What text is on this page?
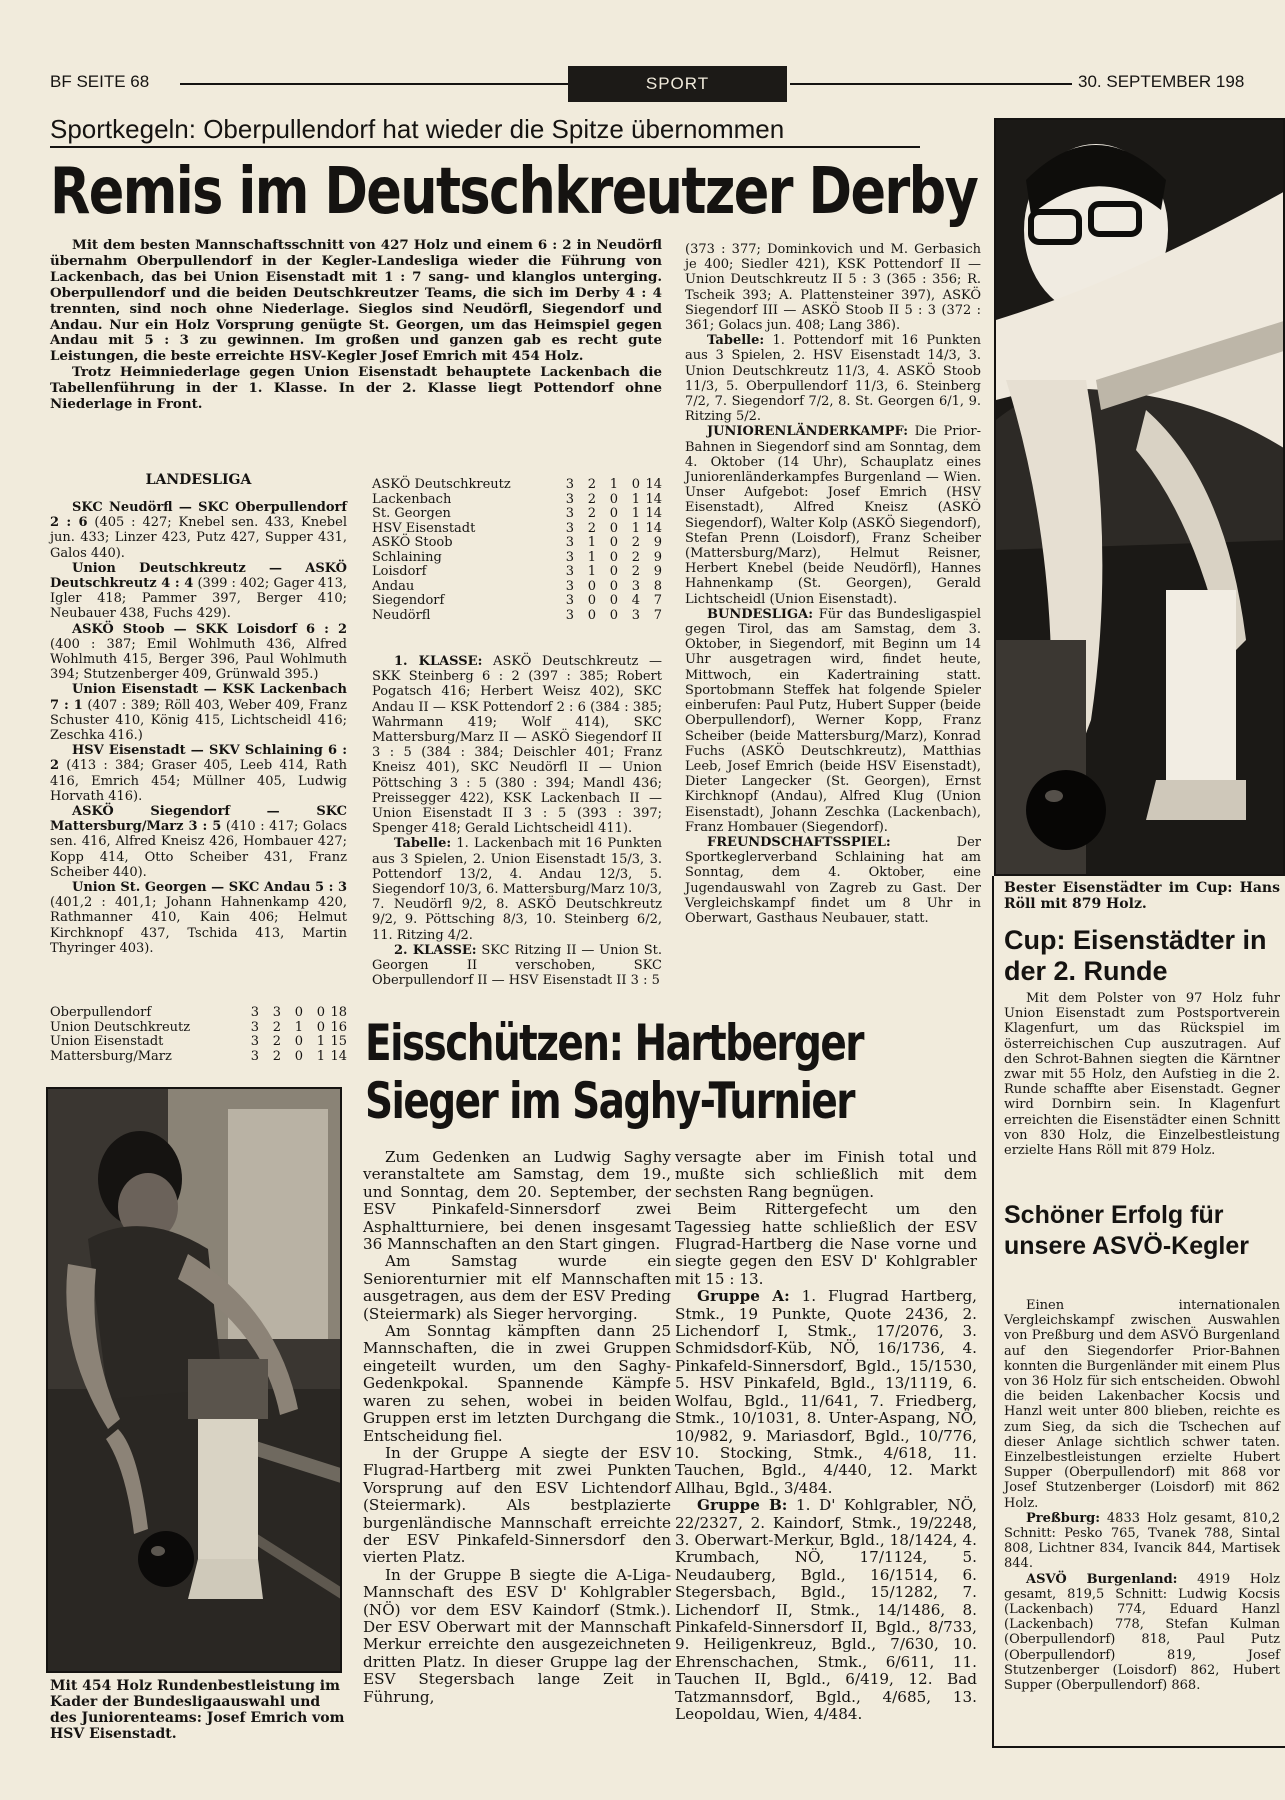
BF SEITE 68	SPORT	30. SEPTEMBER 198
Sportkegeln: Oberpullendorf hat wieder die Spitze übernommen
Remis im Deutschkreutzer Derby

Mit dem besten Mannschaftsschnitt von 427 Holz und einem 6 : 2 in Neudörfl übernahm Oberpullendorf in der Kegler-Landesliga wieder die Führung von Lackenbach, das bei Union Eisenstadt mit 1 : 7 sang- und klanglos unterging. Oberpullendorf und die beiden Deutschkreutzer Teams, die sich im Derby 4 : 4 trennten, sind noch ohne Niederlage. Sieglos sind Neudörfl, Siegendorf und Andau. Nur ein Holz Vorsprung genügte St. Georgen, um das Heimspiel gegen Andau mit 5 : 3 zu gewinnen. Im großen und ganzen gab es recht gute Leistungen, die beste erreichte HSV-Kegler Josef Emrich mit 454 Holz.

Trotz Heimniederlage gegen Union Eisenstadt behauptete Lackenbach die Tabellenführung in der 1. Klasse. In der 2. Klasse liegt Pottendorf ohne Niederlage in Front.

LANDESLIGA

SKC Neudörfl — SKC Oberpullendorf 2 : 6 (405 : 427; Knebel sen. 433, Knebel jun. 433; Linzer 423, Putz 427, Supper 431, Galos 440).

Union Deutschkreutz — ASKÖ Deutschkreutz 4 : 4 (399 : 402; Gager 413, Igler 418; Pammer 397, Berger 410; Neubauer 438, Fuchs 429).

ASKÖ Stoob — SKK Loisdorf 6 : 2 (400 : 387; Emil Wohlmuth 436, Alfred Wohlmuth 415, Berger 396, Paul Wohlmuth 394; Stutzenberger 409, Grünwald 395.)

Union Eisenstadt — KSK Lackenbach 7 : 1 (407 : 389; Röll 403, Weber 409, Franz Schuster 410, König 415, Lichtscheidl 416; Zeschka 416.)

HSV Eisenstadt — SKV Schlaining 6 : 2 (413 : 384; Graser 405, Leeb 414, Rath 416, Emrich 454; Müllner 405, Ludwig Horvath 416).

ASKÖ Siegendorf — SKC Mattersburg/Marz 3 : 5 (410 : 417; Golacs sen. 416, Alfred Kneisz 426, Hombauer 427; Kopp 414, Otto Scheiber 431, Franz Scheiber 440).

Union St. Georgen — SKC Andau 5 : 3 (401,2 : 401,1; Johann Hahnenkamp 420, Rathmanner 410, Kain 406; Helmut Kirchknopf 437, Tschida 413, Martin Thyringer 403).

Oberpullendorf	3	3	0	0	18
Union Deutschkreutz	3	2	1	0	16
Union Eisenstadt	3	2	0	1	15
Mattersburg/Marz	3	2	0	1	14
Mit 454 Holz Rundenbestleistung im Kader der Bundesligaauswahl und des Juniorenteams: Josef Emrich vom HSV Eisenstadt.
ASKÖ Deutschkreutz	3	2	1	0	14
Lackenbach	3	2	0	1	14
St. Georgen	3	2	0	1	14
HSV Eisenstadt	3	2	0	1	14
ASKÖ Stoob	3	1	0	2	9
Schlaining	3	1	0	2	9
Loisdorf	3	1	0	2	9
Andau	3	0	0	3	8
Siegendorf	3	0	0	4	7
Neudörfl	3	0	0	3	7

1. KLASSE: ASKÖ Deutschkreutz — SKK Steinberg 6 : 2 (397 : 385; Robert Pogatsch 416; Herbert Weisz 402), SKC Andau II — KSK Pottendorf 2 : 6 (384 : 385; Wahrmann 419; Wolf 414), SKC Mattersburg/Marz II — ASKÖ Siegendorf II 3 : 5 (384 : 384; Deischler 401; Franz Kneisz 401), SKC Neudörfl II — Union Pöttsching 3 : 5 (380 : 394; Mandl 436; Preissegger 422), KSK Lackenbach II — Union Eisenstadt II 3 : 5 (393 : 397; Spenger 418; Gerald Lichtscheidl 411).

Tabelle: 1. Lackenbach mit 16 Punkten aus 3 Spielen, 2. Union Eisenstadt 15/3, 3. Pottendorf 13/2, 4. Andau 12/3, 5. Siegendorf 10/3, 6. Mattersburg/Marz 10/3, 7. Neudörfl 9/2, 8. ASKÖ Deutschkreutz 9/2, 9. Pöttsching 8/3, 10. Steinberg 6/2, 11. Ritzing 4/2.

2. KLASSE: SKC Ritzing II — Union St. Georgen II verschoben, SKC Oberpullendorf II — HSV Eisenstadt II 3 : 5

(373 : 377; Dominkovich und M. Gerbasich je 400; Siedler 421), KSK Pottendorf II — Union Deutschkreutz II 5 : 3 (365 : 356; R. Tscheik 393; A. Plattensteiner 397), ASKÖ Siegendorf III — ASKÖ Stoob II 5 : 3 (372 : 361; Golacs jun. 408; Lang 386).

Tabelle: 1. Pottendorf mit 16 Punkten aus 3 Spielen, 2. HSV Eisenstadt 14/3, 3. Union Deutschkreutz 11/3, 4. ASKÖ Stoob 11/3, 5. Oberpullendorf 11/3, 6. Steinberg 7/2, 7. Siegendorf 7/2, 8. St. Georgen 6/1, 9. Ritzing 5/2.

JUNIORENLÄNDERKAMPF: Die Prior-Bahnen in Siegendorf sind am Sonntag, dem 4. Oktober (14 Uhr), Schauplatz eines Juniorenländerkampfes Burgenland — Wien. Unser Aufgebot: Josef Emrich (HSV Eisenstadt), Alfred Kneisz (ASKÖ Siegendorf), Walter Kolp (ASKÖ Siegendorf), Stefan Prenn (Loisdorf), Franz Scheiber (Mattersburg/Marz), Helmut Reisner, Herbert Knebel (beide Neudörfl), Hannes Hahnenkamp (St. Georgen), Gerald Lichtscheidl (Union Eisenstadt).

BUNDESLIGA: Für das Bundesligaspiel gegen Tirol, das am Samstag, dem 3. Oktober, in Siegendorf, mit Beginn um 14 Uhr ausgetragen wird, findet heute, Mittwoch, ein Kadertraining statt. Sportobmann Steffek hat folgende Spieler einberufen: Paul Putz, Hubert Supper (beide Oberpullendorf), Werner Kopp, Franz Scheiber (beide Mattersburg/Marz), Konrad Fuchs (ASKÖ Deutschkreutz), Matthias Leeb, Josef Emrich (beide HSV Eisenstadt), Dieter Langecker (St. Georgen), Ernst Kirchknopf (Andau), Alfred Klug (Union Eisenstadt), Johann Zeschka (Lackenbach), Franz Hombauer (Siegendorf).

FREUNDSCHAFTSSPIEL: Der Sportkeglerverband Schlaining hat am Sonntag, dem 4. Oktober, eine Jugendauswahl von Zagreb zu Gast. Der Vergleichskampf findet um 8 Uhr in Oberwart, Gasthaus Neubauer, statt.

Eisschützen: Hartberger
Sieger im Saghy-Turnier

Zum Gedenken an Ludwig Saghy veranstaltete am Samstag, dem 19., und Sonntag, dem 20. September, der ESV Pinkafeld-Sinnersdorf zwei Asphaltturniere, bei denen insgesamt 36 Mannschaften an den Start gingen.

Am Samstag wurde ein Seniorenturnier mit elf Mannschaften ausgetragen, aus dem der ESV Preding (Steiermark) als Sieger hervorging.

Am Sonntag kämpften dann 25 Mannschaften, die in zwei Gruppen eingeteilt wurden, um den Saghy-Gedenkpokal. Spannende Kämpfe waren zu sehen, wobei in beiden Gruppen erst im letzten Durchgang die Entscheidung fiel.

In der Gruppe A siegte der ESV Flugrad-Hartberg mit zwei Punkten Vorsprung auf den ESV Lichtendorf (Steiermark). Als bestplazierte burgenländische Mannschaft erreichte der ESV Pinkafeld-Sinnersdorf den vierten Platz.

In der Gruppe B siegte die A-Liga-Mannschaft des ESV D' Kohlgrabler (NÖ) vor dem ESV Kaindorf (Stmk.). Der ESV Oberwart mit der Mannschaft Merkur erreichte den ausgezeichneten dritten Platz. In dieser Gruppe lag der ESV Stegersbach lange Zeit in Führung,

versagte aber im Finish total und mußte sich schließlich mit dem sechsten Rang begnügen.

Beim Rittergefecht um den Tagessieg hatte schließlich der ESV Flugrad-Hartberg die Nase vorne und siegte gegen den ESV D' Kohlgrabler mit 15 : 13.

Gruppe A: 1. Flugrad Hartberg, Stmk., 19 Punkte, Quote 2436, 2. Lichendorf I, Stmk., 17/2076, 3. Schmidsdorf-Küb, NÖ, 16/1736, 4. Pinkafeld-Sinnersdorf, Bgld., 15/1530, 5. HSV Pinkafeld, Bgld., 13/1119, 6. Wolfau, Bgld., 11/641, 7. Friedberg, Stmk., 10/1031, 8. Unter-Aspang, NÖ, 10/982, 9. Mariasdorf, Bgld., 10/776, 10. Stocking, Stmk., 4/618, 11. Tauchen, Bgld., 4/440, 12. Markt Allhau, Bgld., 3/484.

Gruppe B: 1. D' Kohlgrabler, NÖ, 22/2327, 2. Kaindorf, Stmk., 19/2248, 3. Oberwart-Merkur, Bgld., 18/1424, 4. Krumbach, NÖ, 17/1124, 5. Neudauberg, Bgld., 16/1514, 6. Stegersbach, Bgld., 15/1282, 7. Lichendorf II, Stmk., 14/1486, 8. Pinkafeld-Sinnersdorf II, Bgld., 8/733, 9. Heiligenkreuz, Bgld., 7/630, 10. Ehrenschachen, Stmk., 6/611, 11. Tauchen II, Bgld., 6/419, 12. Bad Tatzmannsdorf, Bgld., 4/685, 13. Leopoldau, Wien, 4/484.

Bester Eisenstädter im Cup: Hans Röll mit 879 Holz.
Cup: Eisenstädter in der 2. Runde

Mit dem Polster von 97 Holz fuhr Union Eisenstadt zum Postsportverein Klagenfurt, um das Rückspiel im österreichischen Cup auszutragen. Auf den Schrot-Bahnen siegten die Kärntner zwar mit 55 Holz, den Aufstieg in die 2. Runde schaffte aber Eisenstadt. Gegner wird Dornbirn sein. In Klagenfurt erreichten die Eisenstädter einen Schnitt von 830 Holz, die Einzelbestleistung erzielte Hans Röll mit 879 Holz.

Schöner Erfolg für unsere ASVÖ-Kegler

Einen internationalen Vergleichskampf zwischen Auswahlen von Preßburg und dem ASVÖ Burgenland auf den Siegendorfer Prior-Bahnen konnten die Burgenländer mit einem Plus von 36 Holz für sich entscheiden. Obwohl die beiden Lakenbacher Kocsis und Hanzl weit unter 800 blieben, reichte es zum Sieg, da sich die Tschechen auf dieser Anlage sichtlich schwer taten. Einzelbestleistungen erzielte Hubert Supper (Oberpullendorf) mit 868 vor Josef Stutzenberger (Loisdorf) mit 862 Holz.

Preßburg: 4833 Holz gesamt, 810,2 Schnitt: Pesko 765, Tvanek 788, Sintal 808, Lichtner 834, Ivancik 844, Martisek 844.

ASVÖ Burgenland: 4919 Holz gesamt, 819,5 Schnitt: Ludwig Kocsis (Lackenbach) 774, Eduard Hanzl (Lackenbach) 778, Stefan Kulman (Oberpullendorf) 818, Paul Putz (Oberpullendorf) 819, Josef Stutzenberger (Loisdorf) 862, Hubert Supper (Oberpullendorf) 868.
